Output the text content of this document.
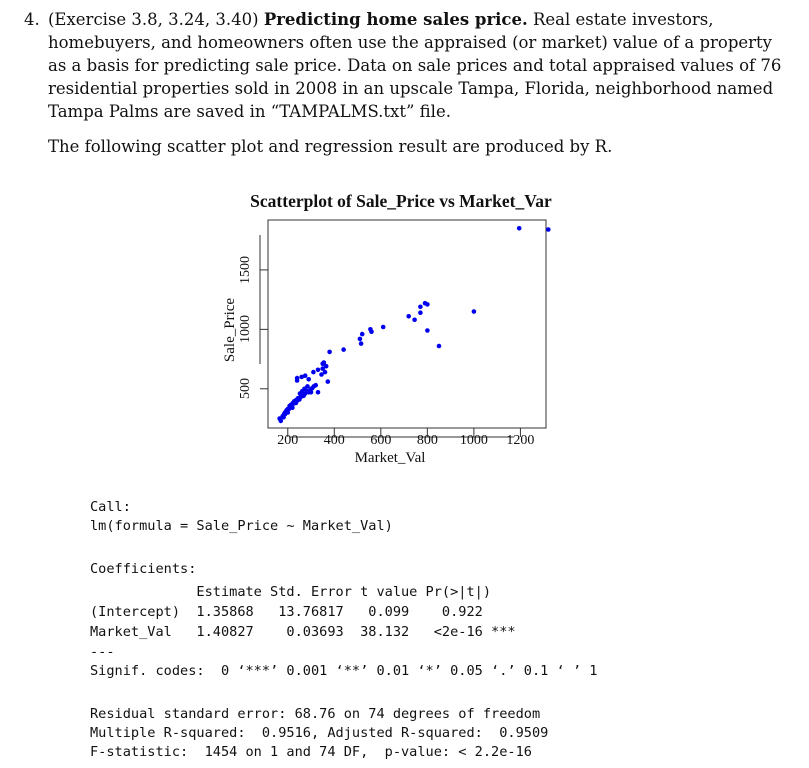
4. (Exercise 3.8, 3.24, 3.40) Predicting home sales price. Real estate investors, homebuyers, and homeowners often use the appraised (or market) value of a property as a basis for predicting sale price. Data on sale prices and total appraised values of 76 residential properties sold in 2008 in an upscale Tampa, Florida, neighborhood named Tampa Palms are saved in “TAMPALMS.txt” file.
The following scatter plot and regression result are produced by R.
Scatterplot of Sale_Price vs Market_Var
Sale_Price
Market_Val
200	400	600	800	1000	1200
500
1000
1500
Call:
lm(formula = Sale_Price ~ Market_Val)
Coefficients:
Estimate Std. Error t value Pr(>|t|)
(Intercept)  1.35868   13.76817   0.099    0.922
Market_Val   1.40827    0.03693  38.132   <2e-16 ***
---
Signif. codes:  0 ‘***’ 0.001 ‘**’ 0.01 ‘*’ 0.05 ‘.’ 0.1 ‘ ’ 1
Residual standard error: 68.76 on 74 degrees of freedom
Multiple R-squared:  0.9516, Adjusted R-squared:  0.9509
F-statistic:  1454 on 1 and 74 DF,  p-value: < 2.2e-16
